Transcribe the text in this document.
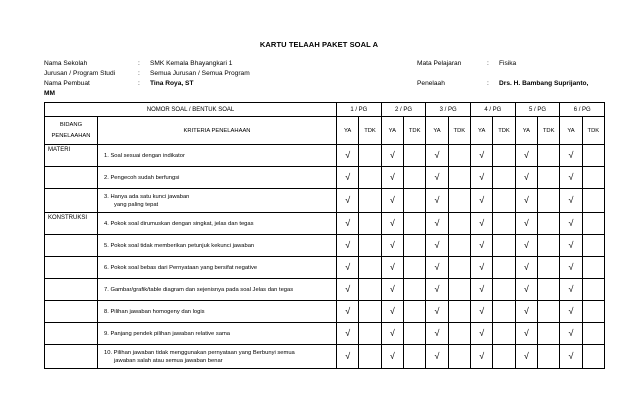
KARTU TELAAH PAKET SOAL A
Nama Sekolah	:	SMK Kemala Bhayangkari 1
Jurusan / Program Studi	:	Semua Jurusan / Semua Program
Nama Pembuat	:	Tina Roya, ST
MM
Mata Pelajaran	:	Fisika

Penelaah	:	Drs. H. Bambang Suprijanto,
NOMOR SOAL / BENTUK SOAL		1 / PG		2 / PG		3 / PG		4 / PG		5 / PG		6 / PG	
BIDANG PENELAAHAN	KRITERIA PENELAHAAN	YA	TDK	YA	TDK	YA	TDK	YA	TDK	YA	TDK	YA	TDK
MATERI	1. Soal sesuai dengan indikator	√		√		√		√		√		√	

	2. Pengecoh sudah berfungsi	√		√		√		√		√		√	

	3. Hanya ada satu kunci jawaban
yang paling tepat	√		√		√		√		√		√	
KONSTRUKSI	4. Pokok soal dirumuskan dengan singkat, jelas dan tegas	√		√		√		√		√		√	

	5. Pokok soal tidak memberikan petunjuk kekunci jawaban	√		√		√		√		√		√	

	6. Pokok soal bebas dari Pernyataan yang bersifat negative	√		√		√		√		√		√	

	7. Gambar/grafik/table diagram dan sejenisnya pada soal Jelas dan tegas	√		√		√		√		√		√	

	8. Pilihan jawaban homogeny dan logis	√		√		√		√		√		√	

	9. Panjang pendek pilihan jawaban relative sama	√		√		√		√		√		√	

	10. Pilihan jawaban tidak menggunakan pernyataan yang Berbunyi semua
jawaban salah atau semua jawaban benar	√		√		√		√		√		√	
